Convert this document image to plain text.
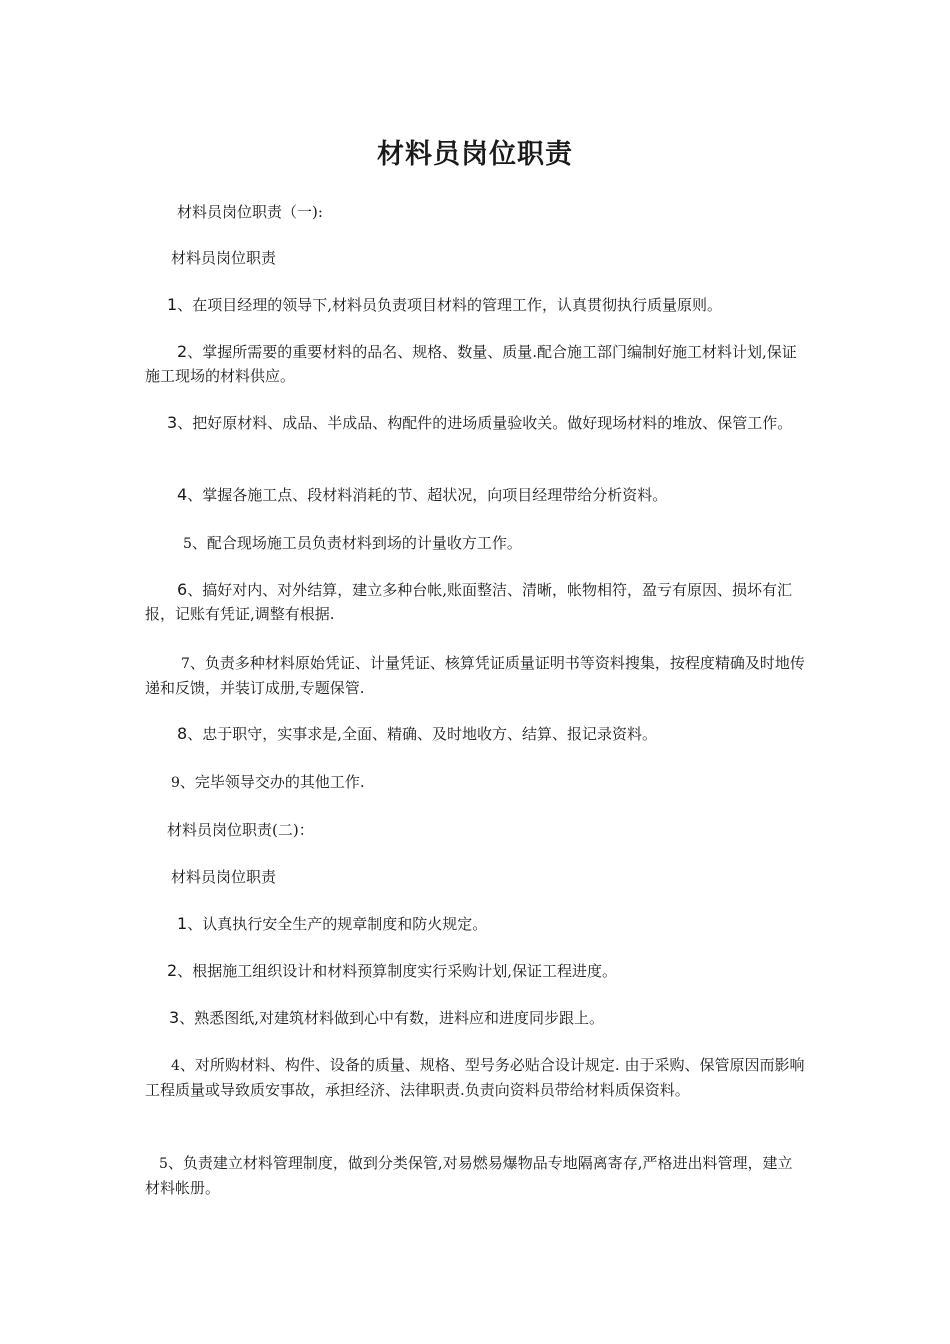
材料员岗位职责

材料员岗位职责（一):

材料员岗位职责

1、在项目经理的领导下,材料员负责项目材料的管理工作，认真贯彻执行质量原则。

2、掌握所需要的重要材料的品名、规格、数量、质量.配合施工部门编制好施工材料计划,保证施工现场的材料供应。

3、把好原材料、成品、半成品、构配件的进场质量验收关。做好现场材料的堆放、保管工作。

4、掌握各施工点、段材料消耗的节、超状况，向项目经理带给分析资料。

5、配合现场施工员负责材料到场的计量收方工作。

6、搞好对内、对外结算，建立多种台帐,账面整洁、清晰，帐物相符，盈亏有原因、损坏有汇报，记账有凭证,调整有根据.

7、负责多种材料原始凭证、计量凭证、核算凭证质量证明书等资料搜集，按程度精确及时地传递和反馈，并装订成册,专题保管.

8、忠于职守，实事求是,全面、精确、及时地收方、结算、报记录资料。

9、完毕领导交办的其他工作.

材料员岗位职责(二)：

材料员岗位职责

1、认真执行安全生产的规章制度和防火规定。

2、根据施工组织设计和材料预算制度实行采购计划,保证工程进度。

3、熟悉图纸,对建筑材料做到心中有数，进料应和进度同步跟上。

4、对所购材料、构件、设备的质量、规格、型号务必贴合设计规定. 由于采购、保管原因而影响工程质量或导致质安事故，承担经济、法律职责.负责向资料员带给材料质保资料。

5、负责建立材料管理制度，做到分类保管,对易燃易爆物品专地隔离寄存,严格进出料管理，建立材料帐册。
